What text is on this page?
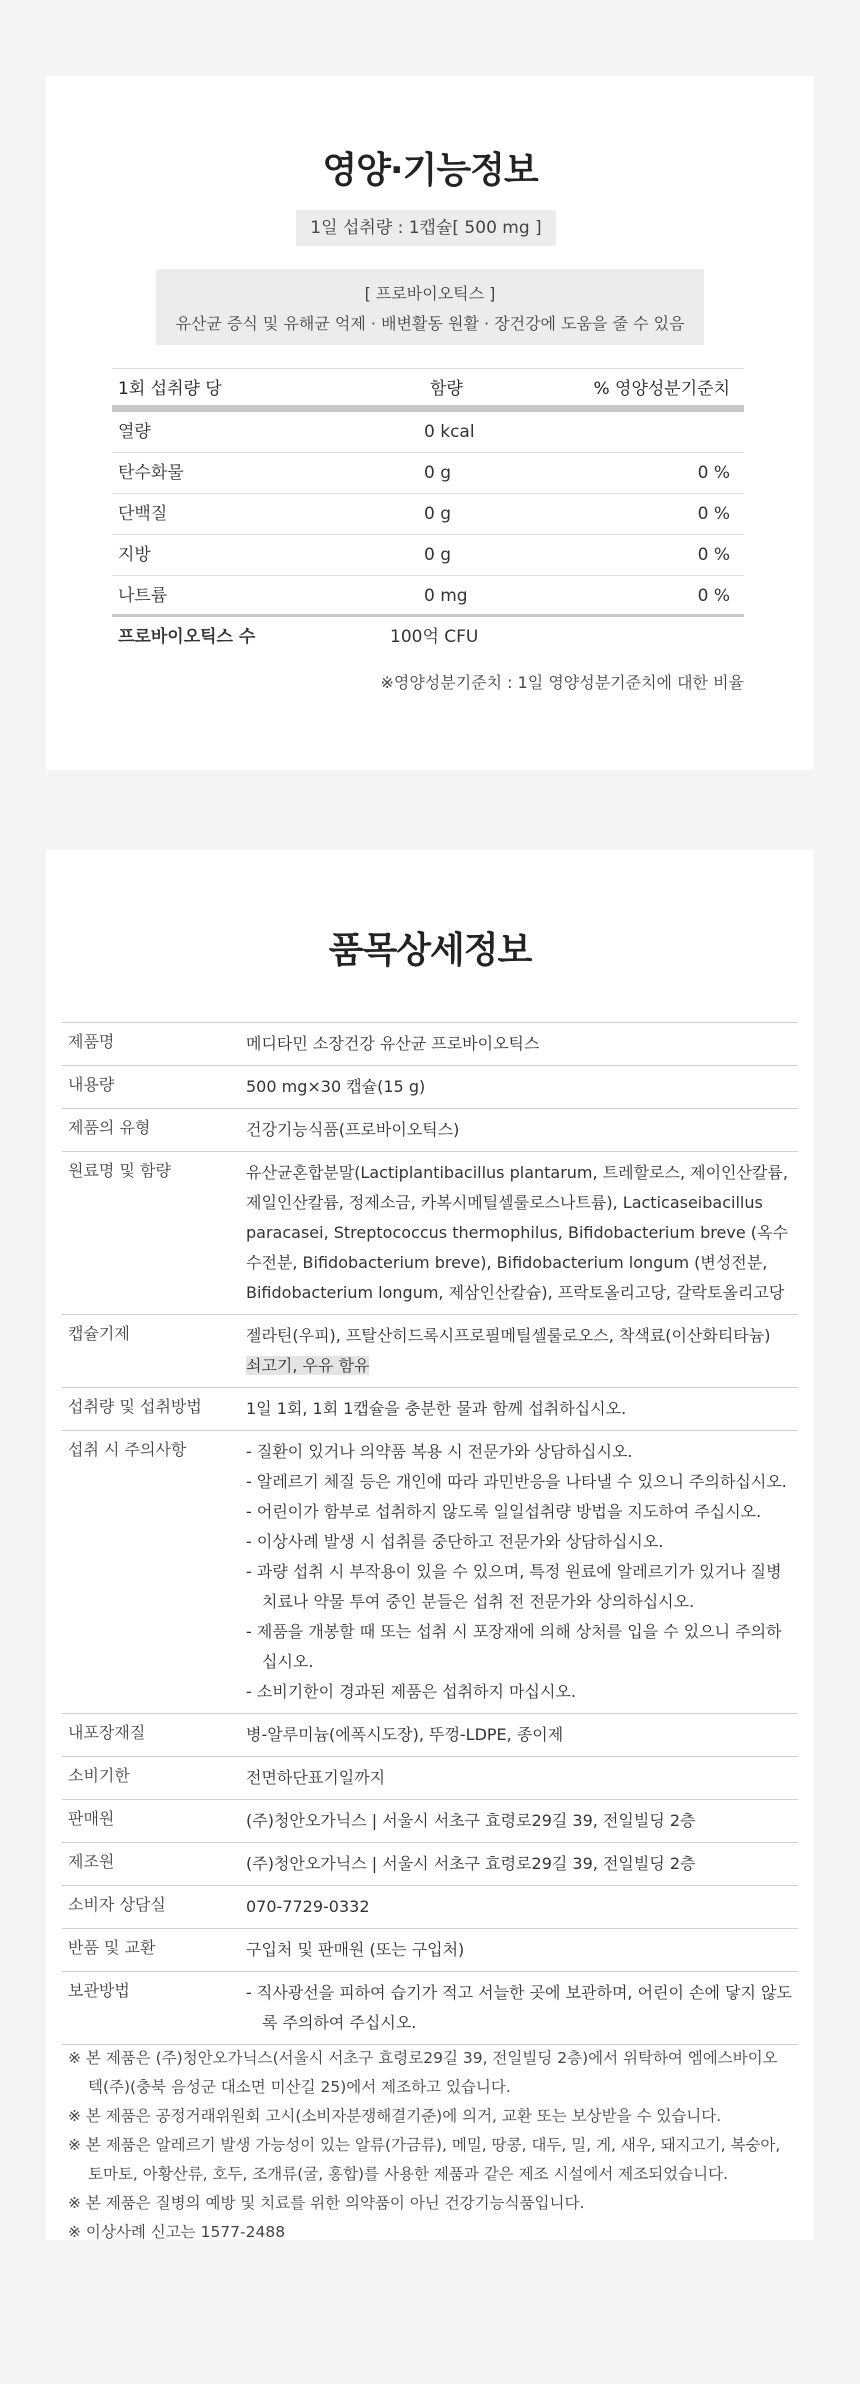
영양·기능정보
1일 섭취량 : 1캡슐[ 500 mg ]
[ 프로바이오틱스 ]
유산균 증식 및 유해균 억제 · 배변활동 원활 · 장건강에 도움을 줄 수 있음
1회 섭취량 당	함량	% 영양성분기준치
열량	0 kcal
탄수화물	0 g	0 %
단백질	0 g	0 %
지방	0 g	0 %
나트륨	0 mg	0 %
프로바이오틱스 수	100억 CFU
※영양성분기준치 : 1일 영양성분기준치에 대한 비율
품목상세정보
제품명	메디타민 소장건강 유산균 프로바이오틱스
내용량	500 mg×30 캡슐(15 g)
제품의 유형	건강기능식품(프로바이오틱스)
원료명 및 함량	유산균혼합분말(Lactiplantibacillus plantarum, 트레할로스, 제이인산칼륨, 제일인산칼륨, 정제소금, 카복시메틸셀룰로스나트륨), Lacticaseibacillus paracasei, Streptococcus thermophilus, Bifidobacterium breve (옥수수전분, Bifidobacterium breve), Bifidobacterium longum (변성전분, Bifidobacterium longum, 제삼인산칼슘), 프락토올리고당, 갈락토올리고당
캡슐기제	젤라틴(우피), 프탈산히드록시프로필메틸셀룰로오스, 착색료(이산화티타늄)
쇠고기, 우유 함유
섭취량 및 섭취방법	1일 1회, 1회 1캡슐을 충분한 물과 함께 섭취하십시오.
섭취 시 주의사항	- 질환이 있거나 의약품 복용 시 전문가와 상담하십시오.
- 알레르기 체질 등은 개인에 따라 과민반응을 나타낼 수 있으니 주의하십시오.
- 어린이가 함부로 섭취하지 않도록 일일섭취량 방법을 지도하여 주십시오.
- 이상사례 발생 시 섭취를 중단하고 전문가와 상담하십시오.
- 과량 섭취 시 부작용이 있을 수 있으며, 특정 원료에 알레르기가 있거나 질병 치료나 약물 투여 중인 분들은 섭취 전 전문가와 상의하십시오.
- 제품을 개봉할 때 또는 섭취 시 포장재에 의해 상처를 입을 수 있으니 주의하십시오.
- 소비기한이 경과된 제품은 섭취하지 마십시오.
내포장재질	병-알루미늄(에폭시도장), 뚜껑-LDPE, 종이제
소비기한	전면하단표기일까지
판매원	(주)청안오가닉스 | 서울시 서초구 효령로29길 39, 전일빌딩 2층
제조원	(주)청안오가닉스 | 서울시 서초구 효령로29길 39, 전일빌딩 2층
소비자 상담실	070-7729-0332
반품 및 교환	구입처 및 판매원 (또는 구입처)
보관방법	- 직사광선을 피하여 습기가 적고 서늘한 곳에 보관하며, 어린이 손에 닿지 않도록 주의하여 주십시오.
※ 본 제품은 (주)청안오가닉스(서울시 서초구 효령로29길 39, 전일빌딩 2층)에서 위탁하여 엠에스바이오텍(주)(충북 음성군 대소면 미산길 25)에서 제조하고 있습니다.
※ 본 제품은 공정거래위원회 고시(소비자분쟁해결기준)에 의거, 교환 또는 보상받을 수 있습니다.
※ 본 제품은 알레르기 발생 가능성이 있는 알류(가금류), 메밀, 땅콩, 대두, 밀, 게, 새우, 돼지고기, 복숭아, 토마토, 아황산류, 호두, 조개류(굴, 홍합)를 사용한 제품과 같은 제조 시설에서 제조되었습니다.
※ 본 제품은 질병의 예방 및 치료를 위한 의약품이 아닌 건강기능식품입니다.
※ 이상사례 신고는 1577-2488
